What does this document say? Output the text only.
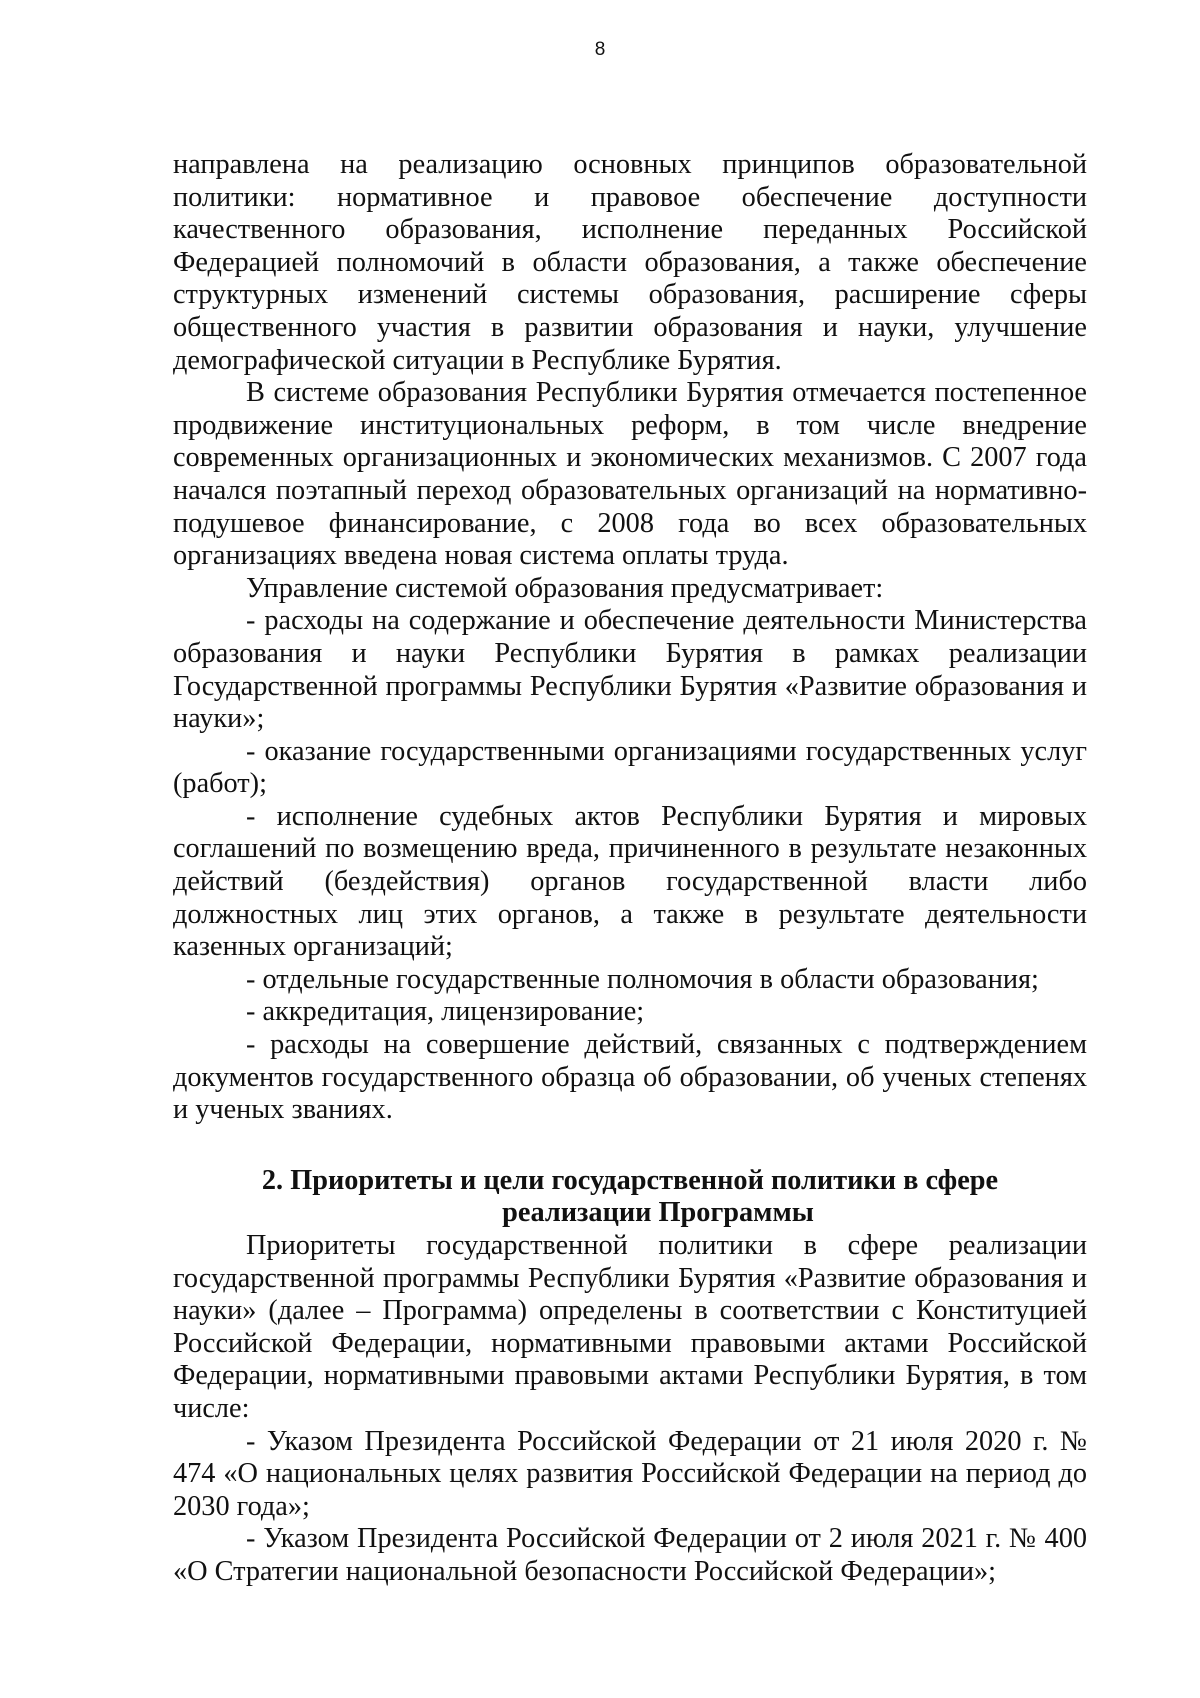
8

направлена на реализацию основных принципов образовательной политики: нормативное и правовое обеспечение доступности качественного образования, исполнение переданных Российской Федерацией полномочий в области образования, а также обеспечение структурных изменений системы образования, расширение сферы общественного участия в развитии образования и науки, улучшение демографической ситуации в Республике Бурятия.

В системе образования Республики Бурятия отмечается постепенное продвижение институциональных реформ, в том числе внедрение современных организационных и экономических механизмов. С 2007 года начался поэтапный переход образовательных организаций на нормативно-подушевое финансирование, с 2008 года во всех образовательных организациях введена новая система оплаты труда.

Управление системой образования предусматривает:

- расходы на содержание и обеспечение деятельности Министерства образования и науки Республики Бурятия в рамках реализации Государственной программы Республики Бурятия «Развитие образования и науки»;

- оказание государственными организациями государственных услуг (работ);

- исполнение судебных актов Республики Бурятия и мировых соглашений по возмещению вреда, причиненного в результате незаконных действий (бездействия) органов государственной власти либо должностных лиц этих органов, а также в результате деятельности казенных организаций;

- отдельные государственные полномочия в области образования;

- аккредитация, лицензирование;

- расходы на совершение действий, связанных с подтверждением документов государственного образца об образовании, об ученых степенях и ученых званиях.

2. Приоритеты и цели государственной политики в сфере
реализации Программы

Приоритеты государственной политики в сфере реализации государственной программы Республики Бурятия «Развитие образования и науки» (далее – Программа) определены в соответствии с Конституцией Российской Федерации, нормативными правовыми актами Российской Федерации, нормативными правовыми актами Республики Бурятия, в том числе:

- Указом Президента Российской Федерации от 21 июля 2020 г. № 474 «О национальных целях развития Российской Федерации на период до 2030 года»;

- Указом Президента Российской Федерации от 2 июля 2021 г. № 400 «О Стратегии национальной безопасности Российской Федерации»;
